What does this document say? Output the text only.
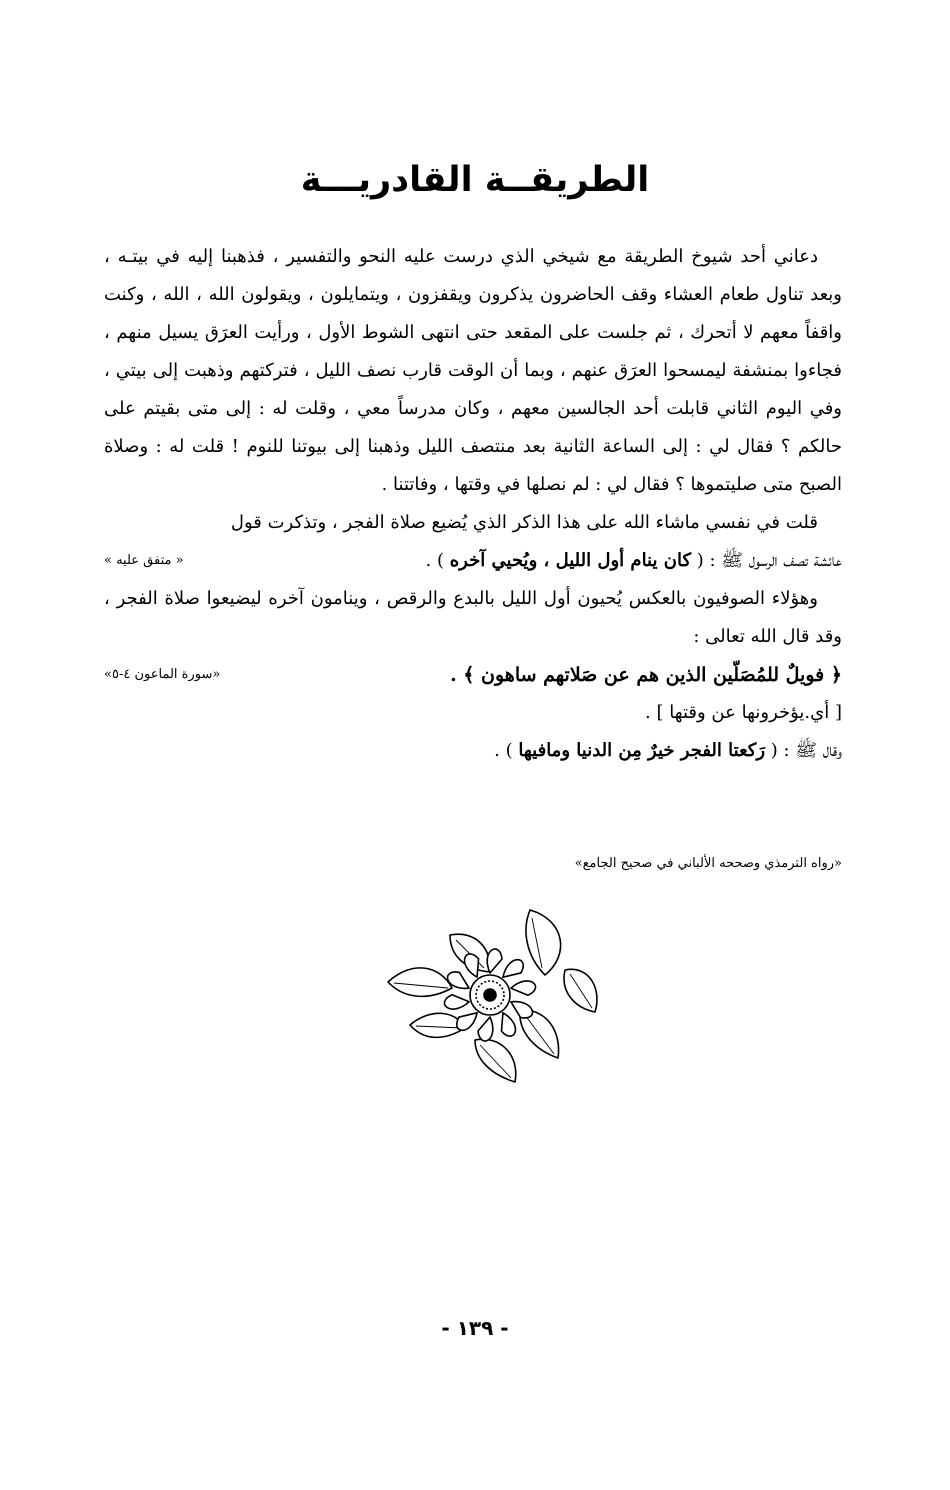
الطريقــة القادريـــة

دعاني أحد شيوخ الطريقة مع شيخي الذي درست عليه النحو والتفسير ، فذهبنا إليه في بيتـه ، وبعد تناول طعام العشاء وقف الحاضرون يذكرون ويقفزون ، ويتمايلون ، ويقولون الله ، الله ، وكنت واقفاً معهم لا أتحرك ، ثم جلست على المقعد حتى انتهى الشوط الأول ، ورأيت العرَق يسيل منهم ، فجاءوا بمنشفة ليمسحوا العرَق عنهم ، وبما أن الوقت قارب نصف الليل ، فتركتهم وذهبت إلى بيتي ، وفي اليوم الثاني قابلت أحد الجالسين معهم ، وكان مدرساً معي ، وقلت له : إلى متى بقيتم على حالكم ؟ فقال لي : إلى الساعة الثانية بعد منتصف الليل وذهبنا إلى بيوتنا للنوم ! قلت له : وصلاة الصبح متى صليتموها ؟ فقال لي : لم نصلها في وقتها ، وفاتتنا .

قلت في نفسي ماشاء الله على هذا الذكر الذي يُضيع صلاة الفجر ، وتذكرت قول

عائشة تصف الرسول ﷺ : ( كان ينام أول الليل ، ويُحيي آخره ) .
« متفق عليه »

وهؤلاء الصوفيون بالعكس يُحيون أول الليل بالبدع والرقص ، وينامون آخره ليضيعوا صلاة الفجر ، وقد قال الله تعالى :

﴿ فويلٌ للمُصَلّين الذين هم عن صَلاتهم ساهون ﴾ .
«سورة الماعون ٤-٥»
[ أي.يؤخرونها عن وقتها ] .
وقال ﷺ : ( رَكعتا الفجر خيرٌ مِن الدنيا ومافيها ) .
«رواه الترمذي وصححه الألباني في صحيح الجامع»
- ١٣٩ -
